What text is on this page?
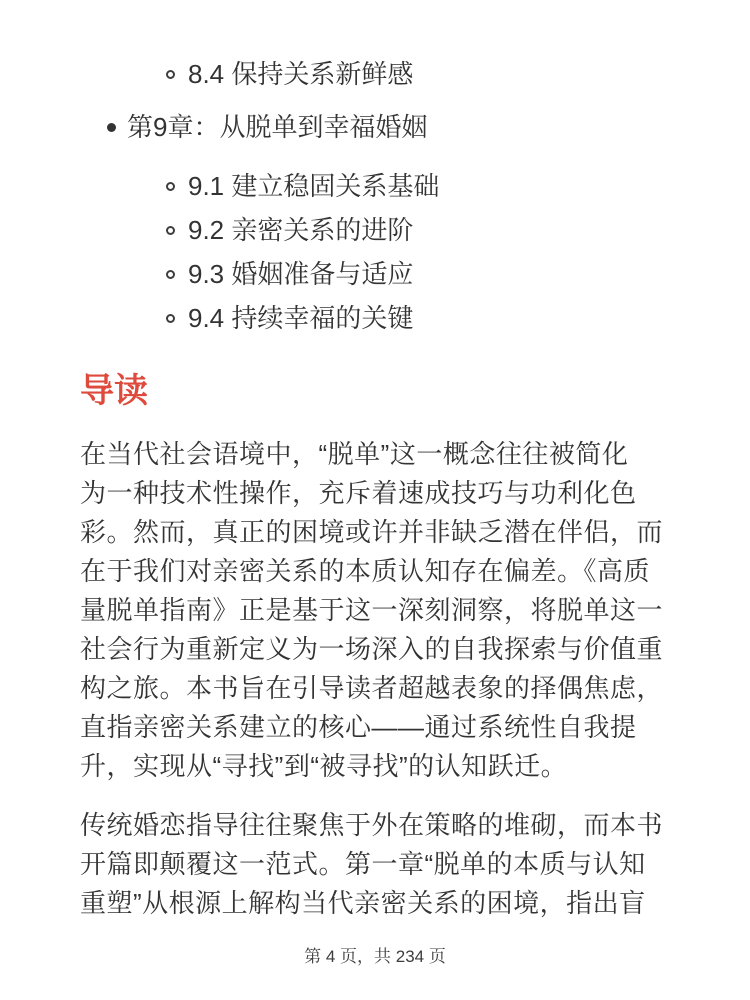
8.4 保持关系新鲜感
第9章：从脱单到幸福婚姻
9.1 建立稳固关系基础
9.2 亲密关系的进阶
9.3 婚姻准备与适应
9.4 持续幸福的关键
导读
在当代社会语境中，“脱单”这一概念往往被简化
为一种技术性操作，充斥着速成技巧与功利化色
彩。然而，真正的困境或许并非缺乏潜在伴侣，而
在于我们对亲密关系的本质认知存在偏差。《高质
量脱单指南》正是基于这一深刻洞察，将脱单这一
社会行为重新定义为一场深入的自我探索与价值重
构之旅。本书旨在引导读者超越表象的择偶焦虑，
直指亲密关系建立的核心——通过系统性自我提
升，实现从“寻找”到“被寻找”的认知跃迁。
传统婚恋指导往往聚焦于外在策略的堆砌，而本书
开篇即颠覆这一范式。第一章“脱单的本质与认知
重塑”从根源上解构当代亲密关系的困境，指出盲
第 4 页，共 234 页
